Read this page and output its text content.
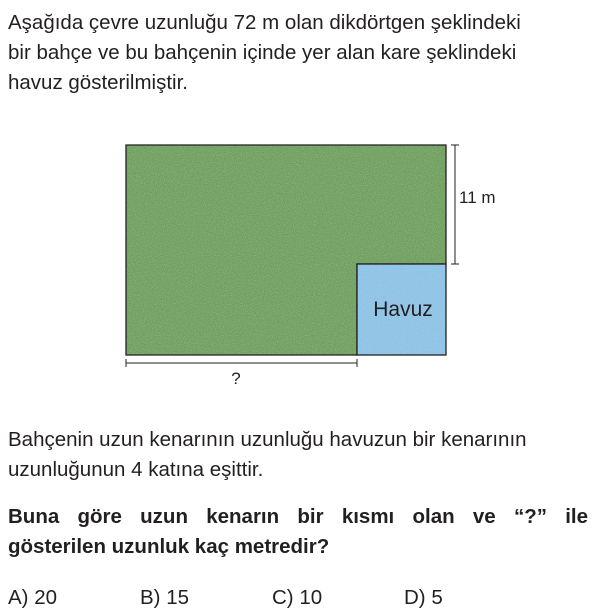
Aşağıda çevre uzunluğu 72 m olan dikdörtgen şeklindeki
bir bahçe ve bu bahçenin içinde yer alan kare şeklindeki
havuz gösterilmiştir.

Havuz
11 m
?

Bahçenin uzun kenarının uzunluğu havuzun bir kenarının
uzunluğunun 4 katına eşittir.

Buna göre uzun kenarın bir kısmı olan ve “?” ile
gösterilen uzunluk kaç metredir?

A) 20	B) 15	C) 10	D) 5
